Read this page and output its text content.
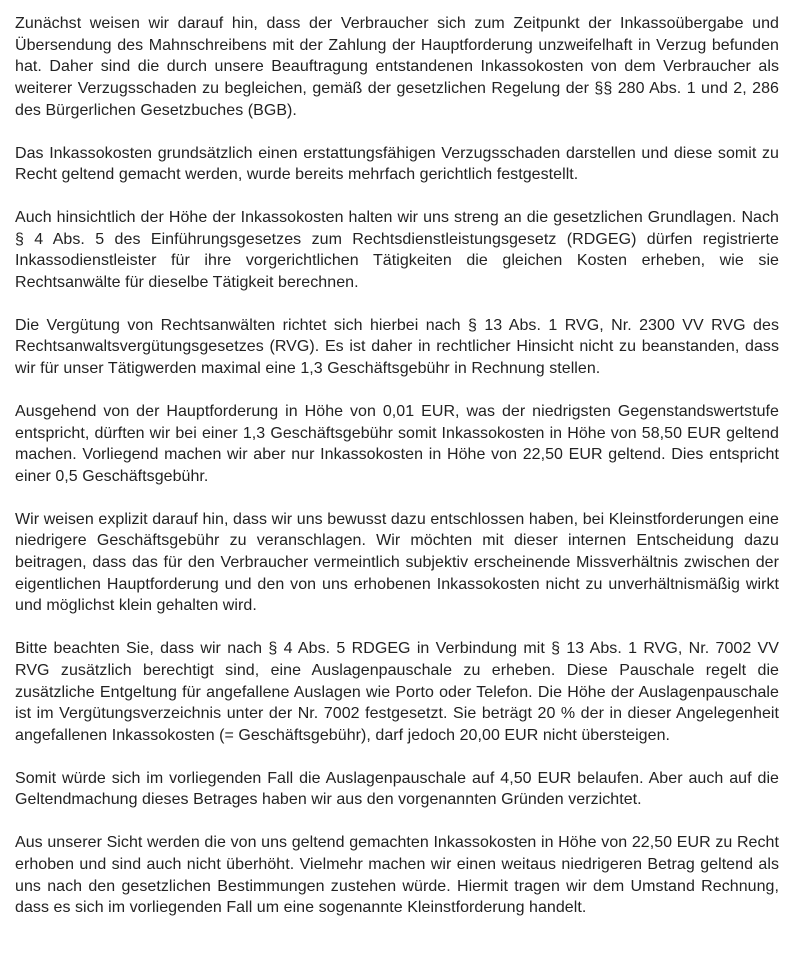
Zunächst weisen wir darauf hin, dass der Verbraucher sich zum Zeitpunkt der Inkassoübergabe und Übersendung des Mahnschreibens mit der Zahlung der Hauptforderung unzweifelhaft in Verzug befunden hat. Daher sind die durch unsere Beauftragung entstandenen Inkassokosten von dem Verbraucher als weiterer Verzugsschaden zu begleichen, gemäß der gesetzlichen Regelung der §§ 280 Abs. 1 und 2, 286 des Bürgerlichen Gesetzbuches (BGB).

Das Inkassokosten grundsätzlich einen erstattungsfähigen Verzugsschaden darstellen und diese somit zu Recht geltend gemacht werden, wurde bereits mehrfach gerichtlich festgestellt.

Auch hinsichtlich der Höhe der Inkassokosten halten wir uns streng an die gesetzlichen Grundlagen. Nach § 4 Abs. 5 des Einführungsgesetzes zum Rechtsdienstleistungsgesetz (RDGEG) dürfen registrierte Inkassodienstleister für ihre vorgerichtlichen Tätigkeiten die gleichen Kosten erheben, wie sie Rechtsanwälte für dieselbe Tätigkeit berechnen.

Die Vergütung von Rechtsanwälten richtet sich hierbei nach § 13 Abs. 1 RVG, Nr. 2300 VV RVG des Rechtsanwaltsvergütungsgesetzes (RVG). Es ist daher in rechtlicher Hinsicht nicht zu beanstanden, dass wir für unser Tätigwerden maximal eine 1,3 Geschäftsgebühr in Rechnung stellen.

Ausgehend von der Hauptforderung in Höhe von 0,01 EUR, was der niedrigsten Gegenstandswertstufe entspricht, dürften wir bei einer 1,3 Geschäftsgebühr somit Inkassokosten in Höhe von 58,50 EUR geltend machen. Vorliegend machen wir aber nur Inkassokosten in Höhe von 22,50 EUR geltend. Dies entspricht einer 0,5 Geschäftsgebühr.

Wir weisen explizit darauf hin, dass wir uns bewusst dazu entschlossen haben, bei Kleinstforderungen eine niedrigere Geschäftsgebühr zu veranschlagen. Wir möchten mit dieser internen Entscheidung dazu beitragen, dass das für den Verbraucher vermeintlich subjektiv erscheinende Missverhältnis zwischen der eigentlichen Hauptforderung und den von uns erhobenen Inkassokosten nicht zu unverhältnismäßig wirkt und möglichst klein gehalten wird.

Bitte beachten Sie, dass wir nach § 4 Abs. 5 RDGEG in Verbindung mit § 13 Abs. 1 RVG, Nr. 7002 VV RVG zusätzlich berechtigt sind, eine Auslagenpauschale zu erheben. Diese Pauschale regelt die zusätzliche Entgeltung für angefallene Auslagen wie Porto oder Telefon. Die Höhe der Auslagenpauschale ist im Vergütungsverzeichnis unter der Nr. 7002 festgesetzt. Sie beträgt 20 % der in dieser Angelegenheit angefallenen Inkassokosten (= Geschäftsgebühr), darf jedoch 20,00 EUR nicht übersteigen.

Somit würde sich im vorliegenden Fall die Auslagenpauschale auf 4,50 EUR belaufen. Aber auch auf die Geltendmachung dieses Betrages haben wir aus den vorgenannten Gründen verzichtet.

Aus unserer Sicht werden die von uns geltend gemachten Inkassokosten in Höhe von 22,50 EUR zu Recht erhoben und sind auch nicht überhöht. Vielmehr machen wir einen weitaus niedrigeren Betrag geltend als uns nach den gesetzlichen Bestimmungen zustehen würde. Hiermit tragen wir dem Umstand Rechnung, dass es sich im vorliegenden Fall um eine sogenannte Kleinstforderung handelt.
